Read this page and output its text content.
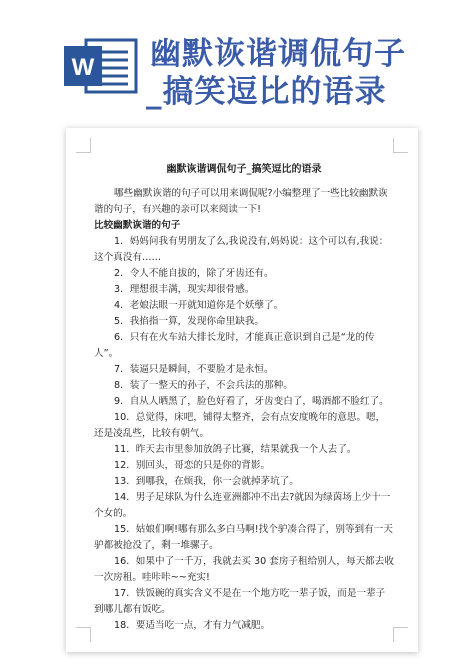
W 幽默诙谐调侃句子
_搞笑逗比的语录
幽默诙谐调侃句子_搞笑逗比的语录

哪些幽默诙谐的句子可以用来调侃呢?小编整理了一些比较幽默诙谐的句子，有兴趣的亲可以来阅读一下!

比较幽默诙谐的句子

1．妈妈问我有男朋友了么,我说没有,妈妈说：这个可以有,我说：这个真没有……

2．令人不能自拔的，除了牙齿还有。

3．理想很丰满，现实却很骨感。

4．老娘法眼一开就知道你是个妖孽了。

5．我掐指一算，发现你命里缺我。

6．只有在火车站大排长龙时，才能真正意识到自己是“龙的传人”。

7．装逼只是瞬间，不要脸才是永恒。

8．装了一整天的孙子，不会兵法的那种。

9．自从人晒黑了，脸色好看了，牙齿变白了，喝酒都不脸红了。

10．总觉得，床吧，铺得太整齐，会有点安度晚年的意思。嗯，还是凌乱些，比较有朝气。

11．昨天去市里参加放鸽子比赛，结果就我一个人去了。

12．别回头，哥恋的只是你的背影。

13．到哪我，在烦我，你一会就掉茅坑了。

14．男子足球队为什么连亚洲都冲不出去?就因为绿茵场上少十一个女的。

15．姑娘们啊!哪有那么多白马啊!找个驴凑合得了，别等到有一天驴都被抢没了，剩一堆骡子。

16．如果中了一千万，我就去买 30 套房子租给别人，每天都去收一次房租。哇咔咔~~充实!

17．铁饭碗的真实含义不是在一个地方吃一辈子饭，而是一辈子到哪儿都有饭吃。

18．要适当吃一点，才有力气减肥。
